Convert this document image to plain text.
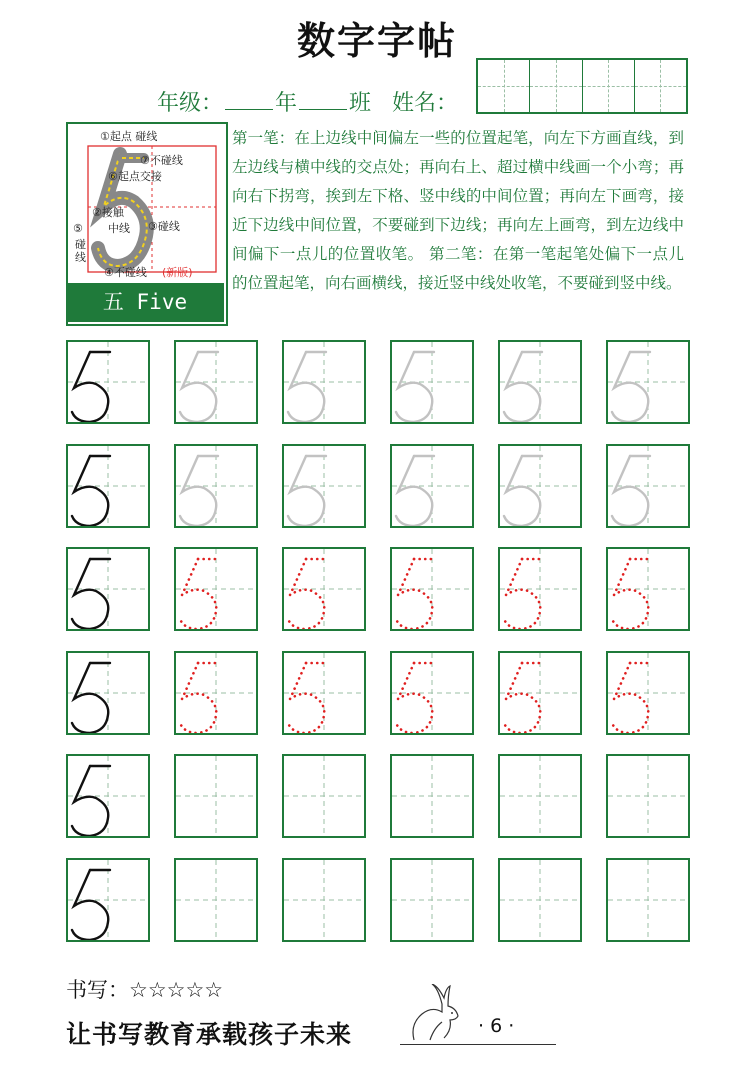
数字字帖
年级： 年 班 姓名：
①起点 碰线
⑦不碰线
⑥起点交接
②接触
中线 ③碰线
⑤
碰
线
④不碰线 (新版)
五 Five
第一笔：在上边线中间偏左一些的位置起笔，向左下方画直线，到左边线与横中线的交点处；再向右上、超过横中线画一个小弯；再向右下拐弯，挨到左下格、竖中线的中间位置；再向左下画弯，接近下边线中间位置，不要碰到下边线；再向左上画弯，到左边线中间偏下一点儿的位置收笔。 第二笔：在第一笔起笔处偏下一点儿的位置起笔，向右画横线，接近竖中线处收笔，不要碰到竖中线。
书写：☆☆☆☆☆
让书写教育承载孩子未来	· 6 ·
